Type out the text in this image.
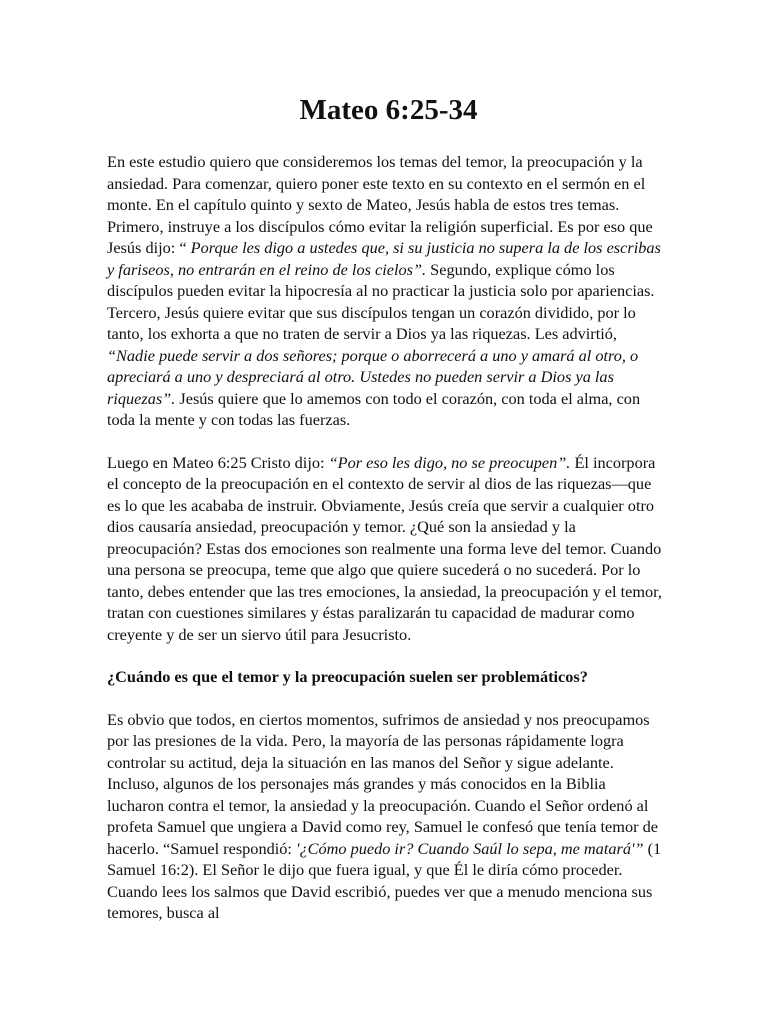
Mateo 6:25-34

En este estudio quiero que consideremos los temas del temor, la preocupación y la ansiedad. Para comenzar, quiero poner este texto en su contexto en el sermón en el monte. En el capítulo quinto y sexto de Mateo, Jesús habla de estos tres temas. Primero, instruye a los discípulos cómo evitar la religión superficial. Es por eso que Jesús dijo: “ Porque les digo a ustedes que, si su justicia no supera la de los escribas y fariseos, no entrarán en el reino de los cielos”. Segundo, explique cómo los discípulos pueden evitar la hipocresía al no practicar la justicia solo por apariencias. Tercero, Jesús quiere evitar que sus discípulos tengan un corazón dividido, por lo tanto, los exhorta a que no traten de servir a Dios ya las riquezas. Les advirtió, “Nadie puede servir a dos señores; porque o aborrecerá a uno y amará al otro, o apreciará a uno y despreciará al otro. Ustedes no pueden servir a Dios ya las riquezas”. Jesús quiere que lo amemos con todo el corazón, con toda el alma, con toda la mente y con todas las fuerzas.

Luego en Mateo 6:25 Cristo dijo: “Por eso les digo, no se preocupen”. Él incorpora el concepto de la preocupación en el contexto de servir al dios de las riquezas—que es lo que les acababa de instruir. Obviamente, Jesús creía que servir a cualquier otro dios causaría ansiedad, preocupación y temor. ¿Qué son la ansiedad y la preocupación? Estas dos emociones son realmente una forma leve del temor. Cuando una persona se preocupa, teme que algo que quiere sucederá o no sucederá. Por lo tanto, debes entender que las tres emociones, la ansiedad, la preocupación y el temor, tratan con cuestiones similares y éstas paralizarán tu capacidad de madurar como creyente y de ser un siervo útil para Jesucristo.

¿Cuándo es que el temor y la preocupación suelen ser problemáticos?

Es obvio que todos, en ciertos momentos, sufrimos de ansiedad y nos preocupamos por las presiones de la vida. Pero, la mayoría de las personas rápidamente logra controlar su actitud, deja la situación en las manos del Señor y sigue adelante. Incluso, algunos de los personajes más grandes y más conocidos en la Biblia lucharon contra el temor, la ansiedad y la preocupación. Cuando el Señor ordenó al profeta Samuel que ungiera a David como rey, Samuel le confesó que tenía temor de hacerlo. “Samuel respondió: '¿Cómo puedo ir? Cuando Saúl lo sepa, me matará'” (1 Samuel 16:2). El Señor le dijo que fuera igual, y que Él le diría cómo proceder. Cuando lees los salmos que David escribió, puedes ver que a menudo menciona sus temores, busca al
